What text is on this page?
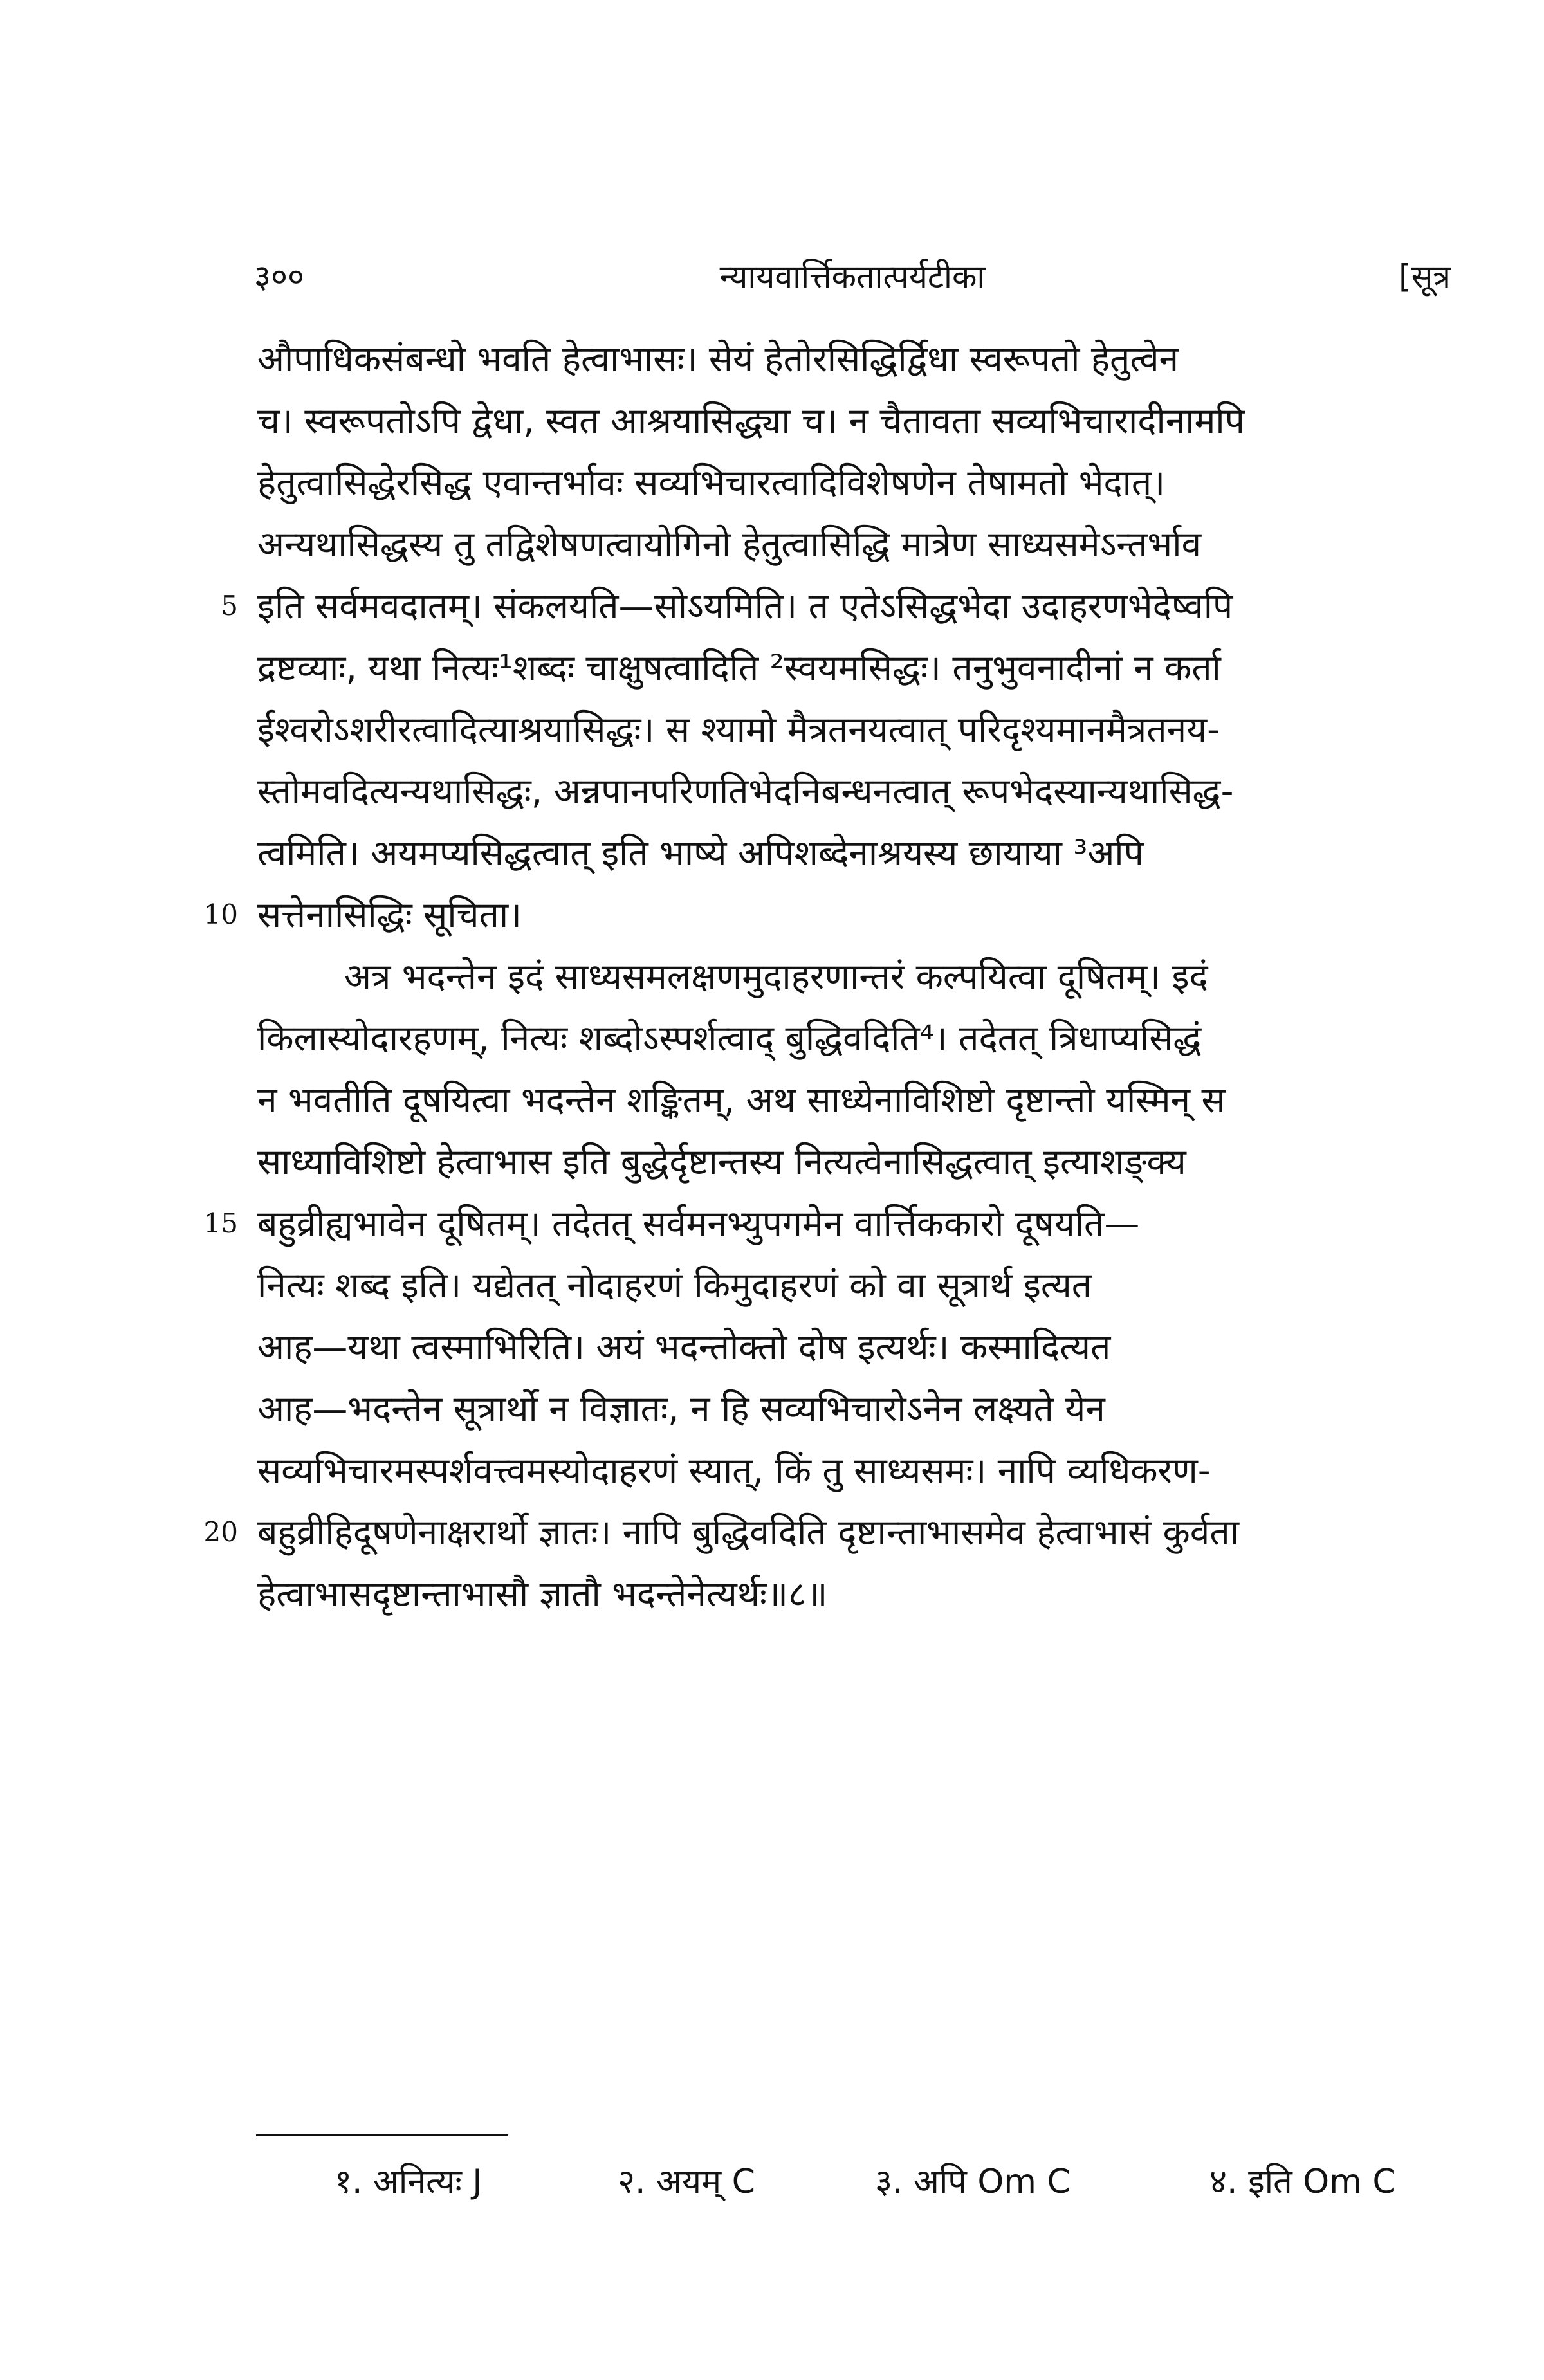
३००	न्यायवार्त्तिकतात्पर्यटीका	[सूत्र
औपाधिकसंबन्धो भवति हेत्वाभासः। सेयं हेतोरसिद्धिर्द्विधा स्वरूपतो हेतुत्वेन
च। स्वरूपतोऽपि द्वेधा, स्वत आश्रयासिद्ध्या च। न चैतावता सव्यभिचारादीनामपि
हेतुत्वासिद्धेरसिद्ध एवान्तर्भावः सव्यभिचारत्वादिविशेषणेन तेषामतो भेदात्।
अन्यथासिद्धस्य तु तद्विशेषणत्वायोगिनो हेतुत्वासिद्धि मात्रेण साध्यसमेऽन्तर्भाव
5 इति सर्वमवदातम्। संकलयति—सोऽयमिति। त एतेऽसिद्धभेदा उदाहरणभेदेष्वपि
द्रष्टव्याः, यथा नित्यः¹शब्दः चाक्षुषत्वादिति ²स्वयमसिद्धः। तनुभुवनादीनां न कर्ता
ईश्वरोऽशरीरत्वादित्याश्रयासिद्धः। स श्यामो मैत्रतनयत्वात् परिदृश्यमानमैत्रतनय-
स्तोमवदित्यन्यथासिद्धः, अन्नपानपरिणतिभेदनिबन्धनत्वात् रूपभेदस्यान्यथासिद्ध-
त्वमिति। अयमप्यसिद्धत्वात् इति भाष्ये अपिशब्देनाश्रयस्य छायाया ³अपि
10 सत्तेनासिद्धिः सूचिता।
अत्र भदन्तेन इदं साध्यसमलक्षणमुदाहरणान्तरं कल्पयित्वा दूषितम्। इदं
किलास्योदारहणम्, नित्यः शब्दोऽस्पर्शत्वाद् बुद्धिवदिति⁴। तदेतत् त्रिधाप्यसिद्धं
न भवतीति दूषयित्वा भदन्तेन शङ्कितम्, अथ साध्येनाविशिष्टो दृष्टान्तो यस्मिन् स
साध्याविशिष्टो हेत्वाभास इति बुद्धेर्दृष्टान्तस्य नित्यत्वेनासिद्धत्वात् इत्याशङ्क्य
15 बहुव्रीह्यभावेन दूषितम्। तदेतत् सर्वमनभ्युपगमेन वार्त्तिककारो दूषयति—
नित्यः शब्द इति। यद्येतत् नोदाहरणं किमुदाहरणं को वा सूत्रार्थ इत्यत
आह—यथा त्वस्माभिरिति। अयं भदन्तोक्तो दोष इत्यर्थः। कस्मादित्यत
आह—भदन्तेन सूत्रार्थो न विज्ञातः, न हि सव्यभिचारोऽनेन लक्ष्यते येन
सव्यभिचारमस्पर्शवत्त्वमस्योदाहरणं स्यात्, किं तु साध्यसमः। नापि व्यधिकरण-
20 बहुव्रीहिदूषणेनाक्षरार्थो ज्ञातः। नापि बुद्धिवदिति दृष्टान्ताभासमेव हेत्वाभासं कुर्वता
हेत्वाभासदृष्टान्ताभासौ ज्ञातौ भदन्तेनेत्यर्थः॥८॥
१. अनित्यः J	२. अयम् C	३. अपि Om C	४. इति Om C
